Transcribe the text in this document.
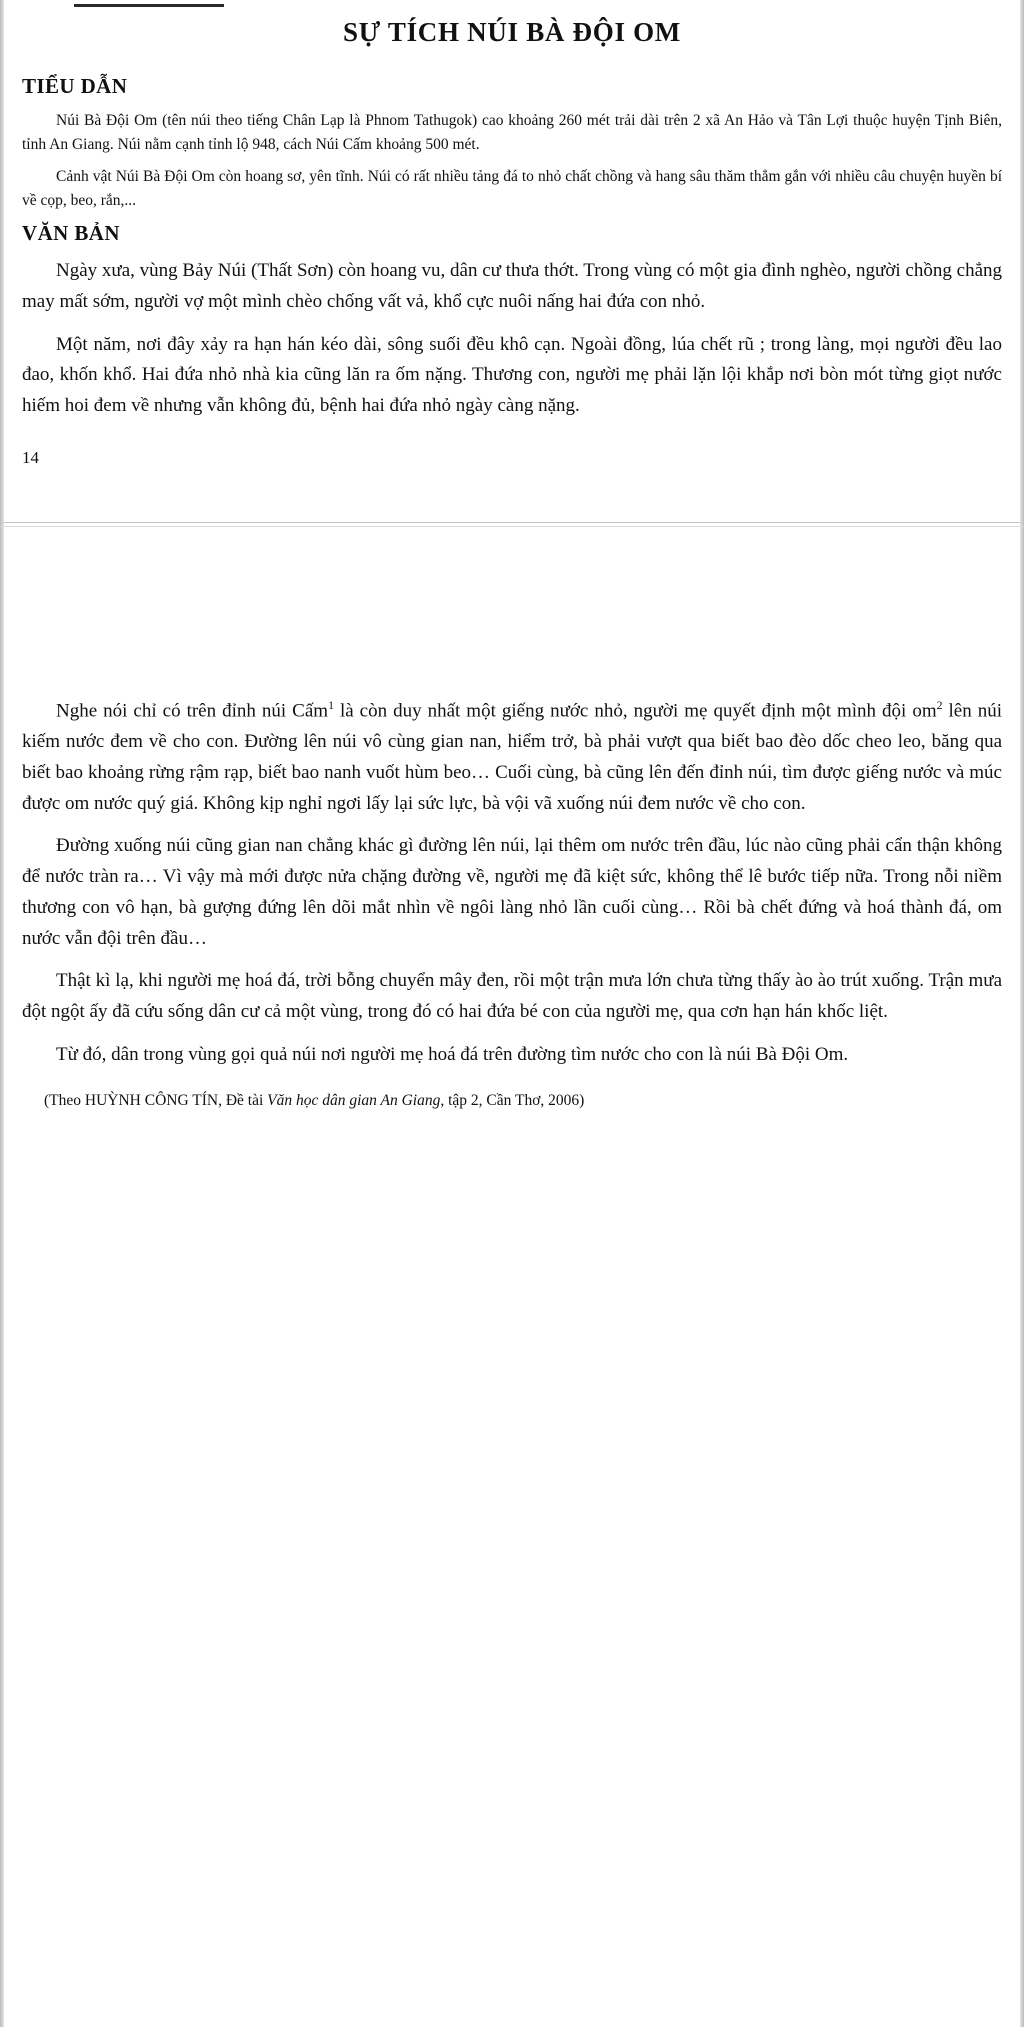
SỰ TÍCH NÚI BÀ ĐỘI OM
TIỂU DẪN

Núi Bà Đội Om (tên núi theo tiếng Chân Lạp là Phnom Tathugok) cao khoảng 260 mét trải dài trên 2 xã An Hảo và Tân Lợi thuộc huyện Tịnh Biên, tỉnh An Giang. Núi nằm cạnh tỉnh lộ 948, cách Núi Cấm khoảng 500 mét.

Cảnh vật Núi Bà Đội Om còn hoang sơ, yên tĩnh. Núi có rất nhiều tảng đá to nhỏ chất chồng và hang sâu thăm thẳm gắn với nhiều câu chuyện huyền bí về cọp, beo, rắn,...

VĂN BẢN

Ngày xưa, vùng Bảy Núi (Thất Sơn) còn hoang vu, dân cư thưa thớt. Trong vùng có một gia đình nghèo, người chồng chẳng may mất sớm, người vợ một mình chèo chống vất vả, khổ cực nuôi nấng hai đứa con nhỏ.

Một năm, nơi đây xảy ra hạn hán kéo dài, sông suối đều khô cạn. Ngoài đồng, lúa chết rũ ; trong làng, mọi người đều lao đao, khốn khổ. Hai đứa nhỏ nhà kia cũng lăn ra ốm nặng. Thương con, người mẹ phải lặn lội khắp nơi bòn mót từng giọt nước hiếm hoi đem về nhưng vẫn không đủ, bệnh hai đứa nhỏ ngày càng nặng.

14

Nghe nói chỉ có trên đỉnh núi Cấm$^1$ là còn duy nhất một giếng nước nhỏ, người mẹ quyết định một mình đội $om^2$ lên núi kiếm nước đem về cho con. Đường lên núi vô cùng gian nan, hiểm trở, bà phải vượt qua biết bao đèo dốc cheo leo, băng qua biết bao khoảng rừng rậm rạp, biết bao nanh vuốt hùm beo… Cuối cùng, bà cũng lên đến đỉnh núi, tìm được giếng nước và múc được om nước quý giá. Không kịp nghỉ ngơi lấy lại sức lực, bà vội vã xuống núi đem nước về cho con.

Đường xuống núi cũng gian nan chẳng khác gì đường lên núi, lại thêm om nước trên đầu, lúc nào cũng phải cẩn thận không để nước tràn ra… Vì vậy mà mới được nửa chặng đường về, người mẹ đã kiệt sức, không thể lê bước tiếp nữa. Trong nỗi niềm thương con vô hạn, bà gượng đứng lên dõi mắt nhìn về ngôi làng nhỏ lần cuối cùng… Rồi bà chết đứng và hoá thành đá, om nước vẫn đội trên đầu…

Thật kì lạ, khi người mẹ hoá đá, trời bỗng chuyển mây đen, rồi một trận mưa lớn chưa từng thấy ào ào trút xuống. Trận mưa đột ngột ấy đã cứu sống dân cư cả một vùng, trong đó có hai đứa bé con của người mẹ, qua cơn hạn hán khốc liệt.

Từ đó, dân trong vùng gọi quả núi nơi người mẹ hoá đá trên đường tìm nước cho con là núi Bà Đội Om.

(Theo HUỲNH CÔNG TÍN, Đề tài Văn học dân gian An Giang, tập 2, Cần Thơ, 2006)
